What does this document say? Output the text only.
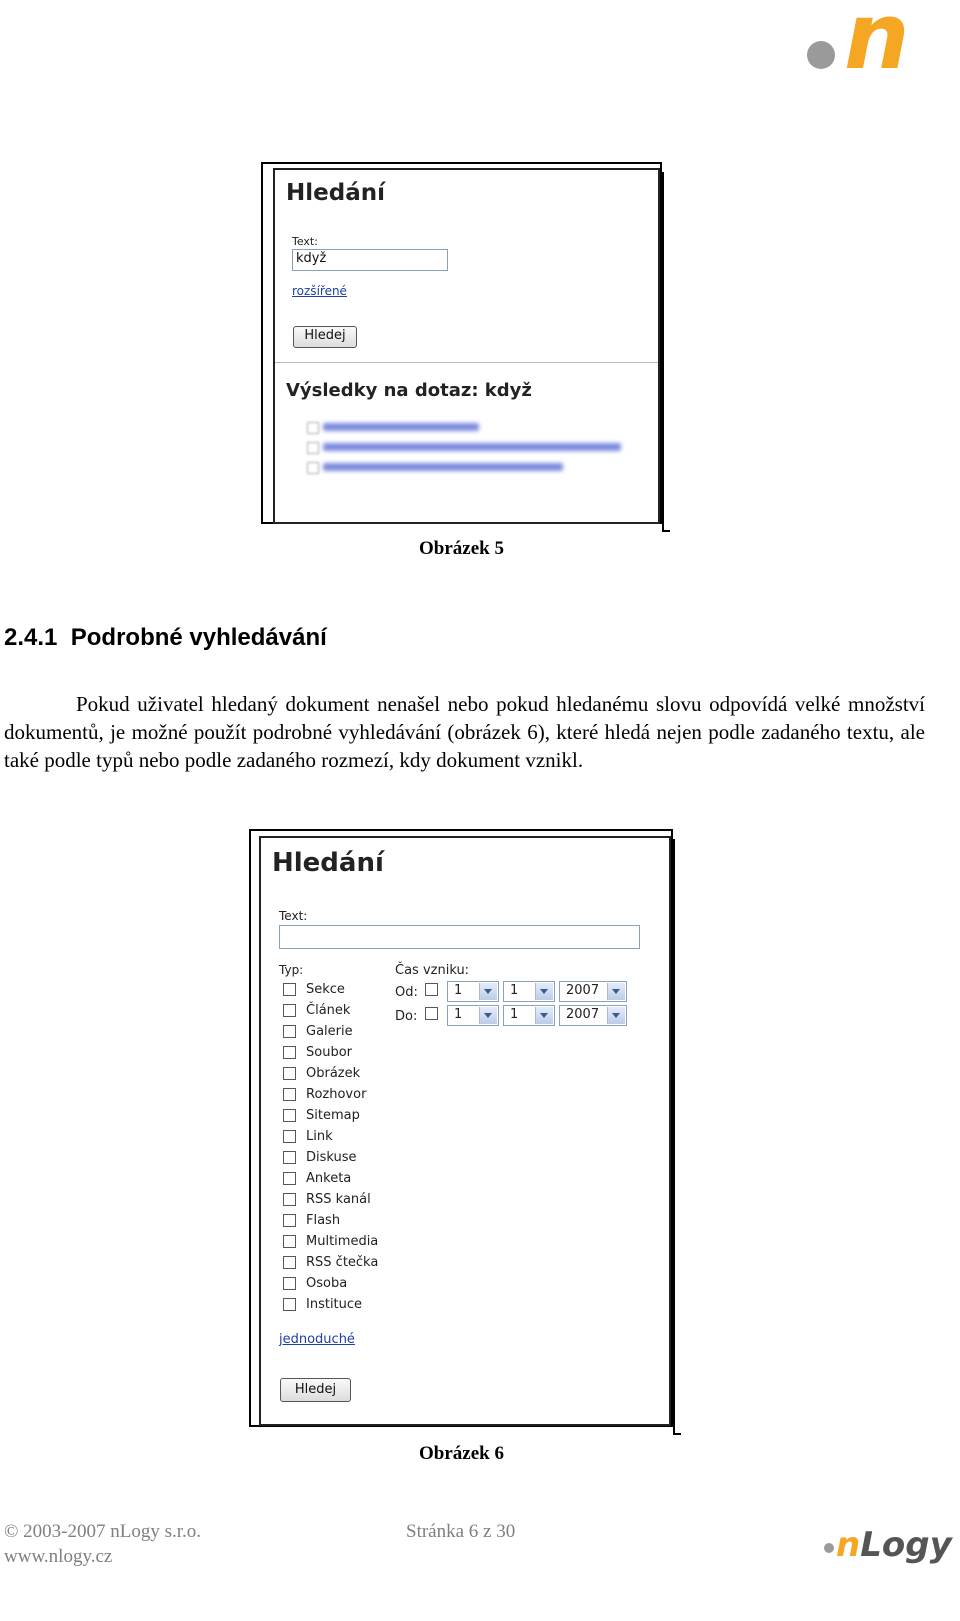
n
Hledání
Text:
když
rozšířené
Hledej
Výsledky na dotaz: když
Obrázek 5
2.4.1 Podrobné vyhledávání
Pokud uživatel hledaný dokument nenašel nebo pokud hledanému slovu odpovídá velké množství dokumentů, je možné použít podrobné vyhledávání (obrázek 6), které hledá nejen podle zadaného textu, ale také podle typů nebo podle zadaného rozmezí, kdy dokument vznikl.
Hledání
Text:
Typ:
Sekce
Článek
Galerie
Soubor
Obrázek
Rozhovor
Sitemap
Link
Diskuse
Anketa
RSS kanál
Flash
Multimedia
RSS čtečka
Osoba
Instituce
Čas vzniku:
Od:	1	1	2007
Do:	1	1	2007
jednoduché
Hledej
Obrázek 6
© 2003-2007 nLogy s.r.o.
www.nlogy.cz
Stránka 6 z 30	nLogy
